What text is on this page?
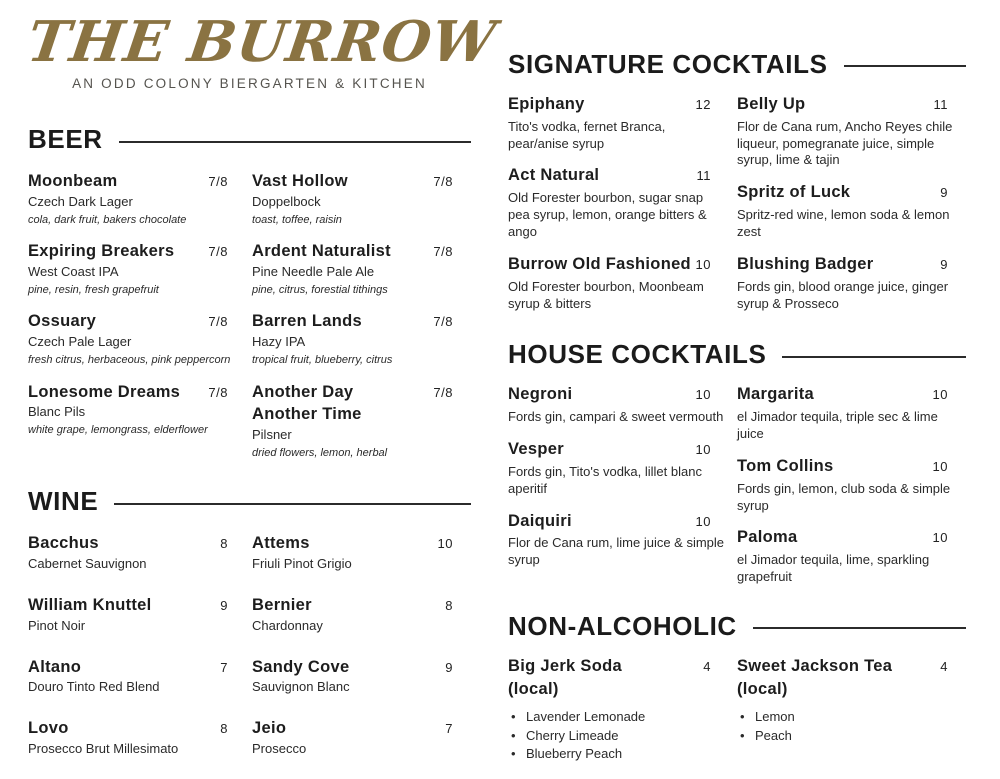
THE BURROW
AN ODD COLONY BIERGARTEN & KITCHEN
BEER
Moonbeam	7/8
Czech Dark Lager
cola, dark fruit, bakers chocolate
Expiring Breakers	7/8
West Coast IPA
pine, resin, fresh grapefruit
Ossuary	7/8
Czech Pale Lager
fresh citrus, herbaceous, pink peppercorn
Lonesome Dreams 7/8
Blanc Pils
white grape, lemongrass, elderflower
Vast Hollow	7/8
Doppelbock
toast, toffee, raisin
Ardent Naturalist	7/8
Pine Needle Pale Ale
pine, citrus, forestial tithings
Barren Lands	7/8
Hazy IPA
tropical fruit, blueberry, citrus
Another Day Another Time
7/8
Pilsner
dried flowers, lemon, herbal
WINE
Bacchus	8
Cabernet Sauvignon
William Knuttel	9
Pinot Noir
Altano	7
Douro Tinto Red Blend
Lovo	8
Prosecco Brut Millesimato
Attems	10
Friuli Pinot Grigio
Bernier	8
Chardonnay
Sandy Cove	9
Sauvignon Blanc
Jeio	7
Prosecco
SIGNATURE COCKTAILS
Epiphany	12
Tito's vodka, fernet Branca, pear/anise syrup
Act Natural	11
Old Forester bourbon, sugar snap pea syrup, lemon, orange bitters & ango
Burrow Old Fashioned 10
Old Forester bourbon, Moonbeam syrup & bitters
Belly Up	11
Flor de Cana rum, Ancho Reyes chile liqueur, pomegranate juice, simple syrup, lime & tajin
Spritz of Luck	9
Spritz-red wine, lemon soda & lemon zest
Blushing Badger	9
Fords gin, blood orange juice, ginger syrup & Prosseco
HOUSE COCKTAILS
Negroni	10
Fords gin, campari & sweet vermouth
Vesper	10
Fords gin, Tito's vodka, lillet blanc aperitif
Daiquiri	10
Flor de Cana rum, lime juice & simple syrup
Margarita	10
el Jimador tequila, triple sec & lime juice
Tom Collins	10
Fords gin, lemon, club soda & simple syrup
Paloma	10
el Jimador tequila, lime, sparkling grapefruit
NON-ALCOHOLIC
Big Jerk Soda (local)
4
• Lavender Lemonade
• Cherry Limeade
• Blueberry Peach
Sweet Jackson Tea (local)
4
• Lemon
• Peach
